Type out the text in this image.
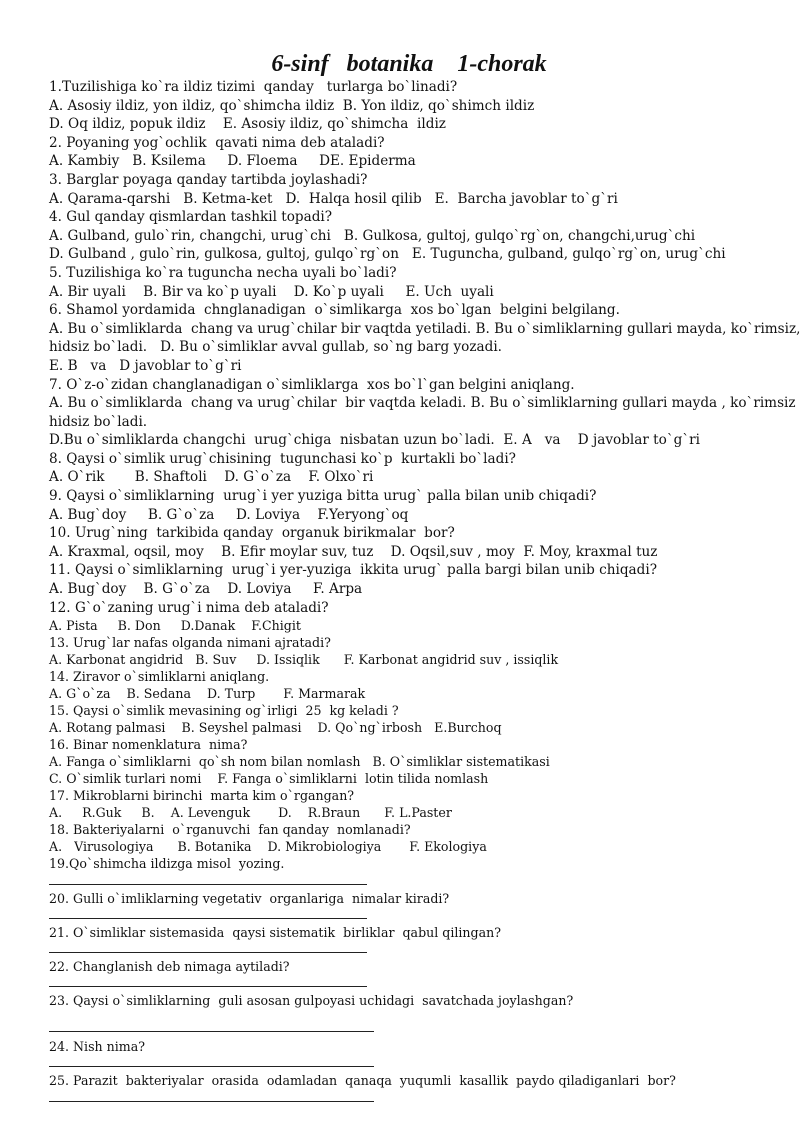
6-sinf   botanika    1-chorak
1.Tuzilishiga ko`ra ildiz tizimi  qanday   turlarga bo`linadi?
A. Asosiy ildiz, yon ildiz, qo`shimcha ildiz  B. Yon ildiz, qo`shimch ildiz
D. Oq ildiz, popuk ildiz    E. Asosiy ildiz, qo`shimcha  ildiz
2. Poyaning yog`ochlik  qavati nima deb ataladi?
A. Kambiy   B. Ksilema     D. Floema     DE. Epiderma
3. Barglar poyaga qanday tartibda joylashadi?
A. Qarama-qarshi   B. Ketma-ket   D.  Halqa hosil qilib   E.  Barcha javoblar to`g`ri
4. Gul qanday qismlardan tashkil topadi?
A. Gulband, gulo`rin, changchi, urug`chi   B. Gulkosa, gultoj, gulqo`rg`on, changchi,urug`chi
D. Gulband , gulo`rin, gulkosa, gultoj, gulqo`rg`on   E. Tuguncha, gulband, gulqo`rg`on, urug`chi
5. Tuzilishiga ko`ra tuguncha necha uyali bo`ladi?
A. Bir uyali    B. Bir va ko`p uyali    D. Ko`p uyali     E. Uch  uyali
6. Shamol yordamida  chnglanadigan  o`simlikarga  xos bo`lgan  belgini belgilang.
A. Bu o`simliklarda  chang va urug`chilar bir vaqtda yetiladi. B. Bu o`simliklarning gullari mayda, ko`rimsiz,
hidsiz bo`ladi.   D. Bu o`simliklar avval gullab, so`ng barg yozadi.
E. B   va   D javoblar to`g`ri
7. O`z-o`zidan changlanadigan o`simliklarga  xos bo`l`gan belgini aniqlang.
A. Bu o`simliklarda  chang va urug`chilar  bir vaqtda keladi. B. Bu o`simliklarning gullari mayda , ko`rimsiz
hidsiz bo`ladi.
D.Bu o`simliklarda changchi  urug`chiga  nisbatan uzun bo`ladi.  E. A   va    D javoblar to`g`ri
8. Qaysi o`simlik urug`chisining  tugunchasi ko`p  kurtakli bo`ladi?
A. O`rik       B. Shaftoli    D. G`o`za    F. Olxo`ri
9. Qaysi o`simliklarning  urug`i yer yuziga bitta urug` palla bilan unib chiqadi?
A. Bug`doy     B. G`o`za     D. Loviya    F.Yeryong`oq
10. Urug`ning  tarkibida qanday  organuk birikmalar  bor?
A. Kraxmal, oqsil, moy    B. Efir moylar suv, tuz    D. Oqsil,suv , moy  F. Moy, kraxmal tuz
11. Qaysi o`simliklarning  urug`i yer-yuziga  ikkita urug` palla bargi bilan unib chiqadi?
A. Bug`doy    B. G`o`za    D. Loviya     F. Arpa
12. G`o`zaning urug`i nima deb ataladi?
A. Pista     B. Don     D.Danak    F.Chigit
13. Urug`lar nafas olganda nimani ajratadi?
A. Karbonat angidrid   B. Suv     D. Issiqlik      F. Karbonat angidrid suv , issiqlik
14. Ziravor o`simliklarni aniqlang.
A. G`o`za    B. Sedana    D. Turp       F. Marmarak
15. Qaysi o`simlik mevasining og`irligi  25  kg keladi ?
A. Rotang palmasi    B. Seyshel palmasi    D. Qo`ng`irbosh   E.Burchoq
16. Binar nomenklatura  nima?
A. Fanga o`simliklarni  qo`sh nom bilan nomlash   B. O`simliklar sistematikasi
C. O`simlik turlari nomi    F. Fanga o`simliklarni  lotin tilida nomlash
17. Mikroblarni birinchi  marta kim o`rgangan?
A.     R.Guk     B.    A. Levenguk       D.    R.Braun      F. L.Paster
18. Bakteriyalarni  o`rganuvchi  fan qanday  nomlanadi?
A.   Virusologiya      B. Botanika    D. Mikrobiologiya       F. Ekologiya
19.Qo`shimcha ildizga misol  yozing.
20. Gulli o`imliklarning vegetativ  organlariga  nimalar kiradi?
21. O`simliklar sistemasida  qaysi sistematik  birliklar  qabul qilingan?
22. Changlanish deb nimaga aytiladi?
23. Qaysi o`simliklarning  guli asosan gulpoyasi uchidagi  savatchada joylashgan?
24. Nish nima?
25. Parazit  bakteriyalar  orasida  odamladan  qanaqa  yuqumli  kasallik  paydo qiladiganlari  bor?
